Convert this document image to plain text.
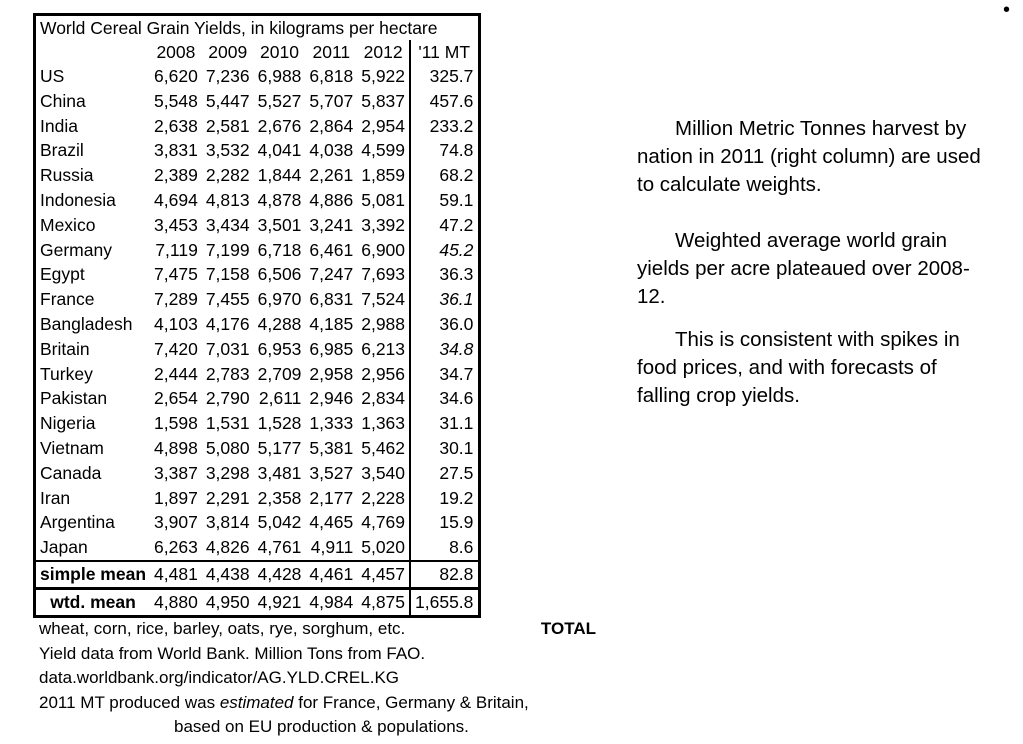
World Cereal Grain Yields, in kilograms per hectare						
	2008	2009	2010	2011	2012	'11 MT
US	6,620	7,236	6,988	6,818	5,922	325.7
China	5,548	5,447	5,527	5,707	5,837	457.6
India	2,638	2,581	2,676	2,864	2,954	233.2
Brazil	3,831	3,532	4,041	4,038	4,599	74.8
Russia	2,389	2,282	1,844	2,261	1,859	68.2
Indonesia	4,694	4,813	4,878	4,886	5,081	59.1
Mexico	3,453	3,434	3,501	3,241	3,392	47.2
Germany	7,119	7,199	6,718	6,461	6,900	45.2
Egypt	7,475	7,158	6,506	7,247	7,693	36.3
France	7,289	7,455	6,970	6,831	7,524	36.1
Bangladesh	4,103	4,176	4,288	4,185	2,988	36.0
Britain	7,420	7,031	6,953	6,985	6,213	34.8
Turkey	2,444	2,783	2,709	2,958	2,956	34.7
Pakistan	2,654	2,790	2,611	2,946	2,834	34.6
Nigeria	1,598	1,531	1,528	1,333	1,363	31.1
Vietnam	4,898	5,080	5,177	5,381	5,462	30.1
Canada	3,387	3,298	3,481	3,527	3,540	27.5
Iran	1,897	2,291	2,358	2,177	2,228	19.2
Argentina	3,907	3,814	5,042	4,465	4,769	15.9
Japan	6,263	4,826	4,761	4,911	5,020	8.6
simple mean	4,481	4,438	4,428	4,461	4,457	82.8
wtd. mean	4,880	4,950	4,921	4,984	4,875	1,655.8
wheat, corn, rice, barley, oats, rye, sorghum, etc.	TOTAL
Yield data from World Bank. Million Tons from FAO.
data.worldbank.org/indicator/AG.YLD.CREL.KG
2011 MT produced was estimated for France, Germany & Britain,
based on EU production & populations.

Million Metric Tonnes harvest by nation in 2011 (right column) are used to calculate weights.

Weighted average world grain yields per acre plateaued over 2008-12.

This is consistent with spikes in food prices, and with forecasts of falling crop yields.

•
